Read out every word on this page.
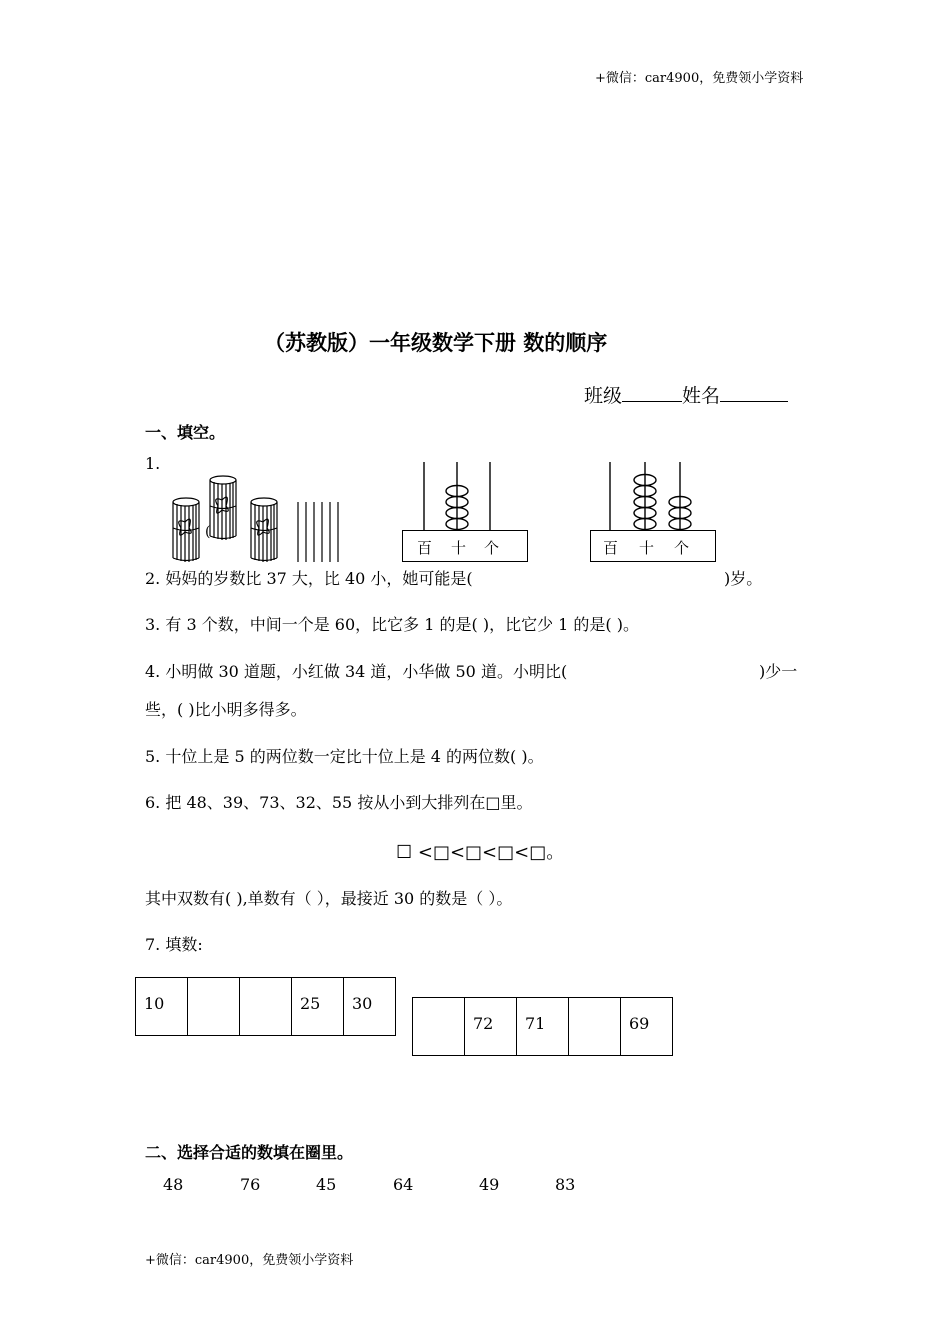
+微信：car4900，免费领小学资料
（苏教版）一年级数学下册 数的顺序
班级	姓名
一、填空。
1.
(
百 十 个	百 十 个
2. 妈妈的岁数比 37 大，比 40 小，她可能是(	)岁。
3. 有 3 个数，中间一个是 60，比它多 1 的是( )，比它少 1 的是( )。
4. 小明做 30 道题，小红做 34 道，小华做 50 道。小明比(	)少一
些，( )比小明多得多。
5. 十位上是 5 的两位数一定比十位上是 4 的两位数( )。
6. 把 48、39、73、32、55 按从小到大排列在□里。
☐ <□<□<□<□。
其中双数有( ),单数有（ ），最接近 30 的数是（ ）。
7. 填数:
10			25	30
	72	71		69
二、选择合适的数填在圈里。
48	76	45	64	49	83
+微信：car4900，免费领小学资料
